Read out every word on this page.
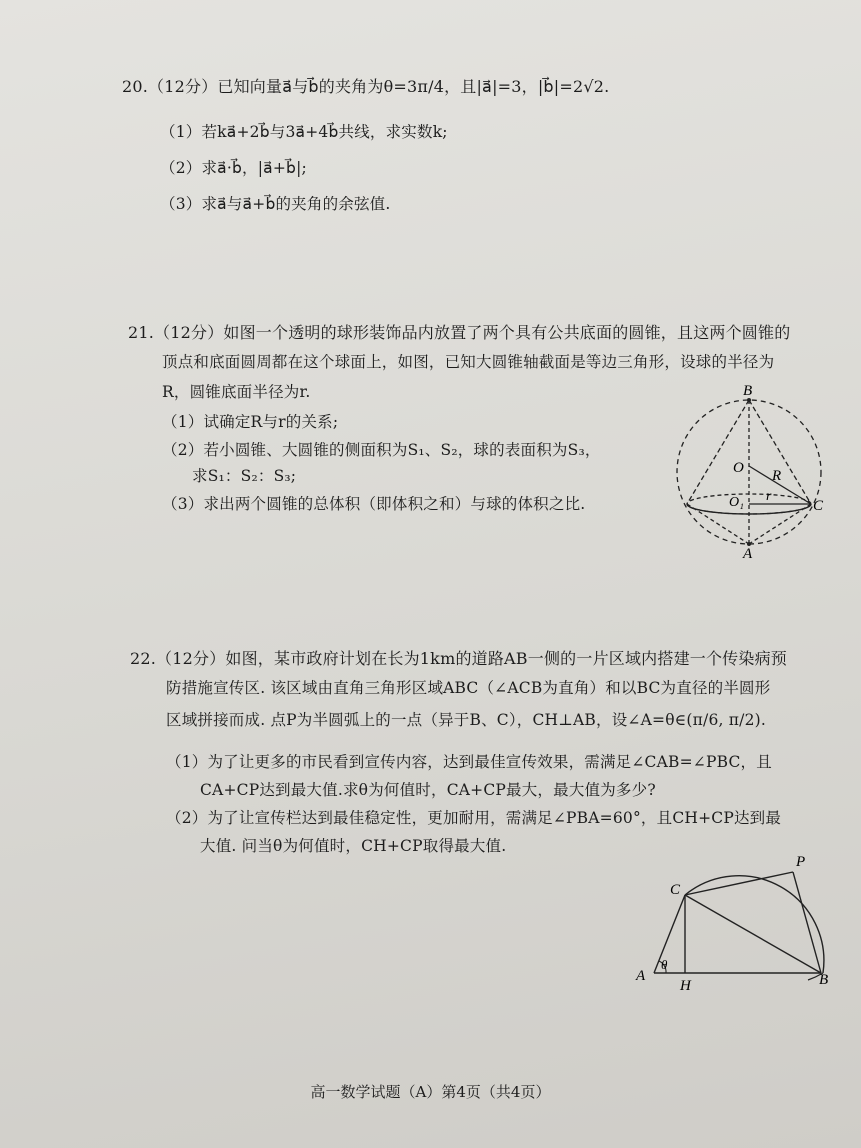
20.（12分）已知向量a⃗与b⃗的夹角为θ=3π/4，且|a⃗|=3，|b⃗|=2√2.
（1）若ka⃗+2b⃗与3a⃗+4b⃗共线，求实数k;
（2）求a⃗·b⃗，|a⃗+b⃗|;
（3）求a⃗与a⃗+b⃗的夹角的余弦值.
21.（12分）如图一个透明的球形装饰品内放置了两个具有公共底面的圆锥，且这两个圆锥的
顶点和底面圆周都在这个球面上，如图，已知大圆锥轴截面是等边三角形，设球的半径为
R，圆锥底面半径为r.
（1）试确定R与r的关系;
（2）若小圆锥、大圆锥的侧面积为S₁、S₂，球的表面积为S₃，
求S₁：S₂：S₃;
（3）求出两个圆锥的总体积（即体积之和）与球的体积之比.
B
O R
O₁ r
C
A
22.（12分）如图，某市政府计划在长为1km的道路AB一侧的一片区域内搭建一个传染病预
防措施宣传区. 该区域由直角三角形区域ABC（∠ACB为直角）和以BC为直径的半圆形
区域拼接而成. 点P为半圆弧上的一点（异于B、C），CH⊥AB，设∠A=θ∈(π/6, π/2).
（1）为了让更多的市民看到宣传内容，达到最佳宣传效果，需满足∠CAB=∠PBC，且
CA+CP达到最大值.求θ为何值时，CA+CP最大，最大值为多少?
（2）为了让宣传栏达到最佳稳定性，更加耐用，需满足∠PBA=60°，且CH+CP达到最
大值. 问当θ为何值时，CH+CP取得最大值.
P
C
θ
A
H	B
高一数学试题（A）第4页（共4页）
